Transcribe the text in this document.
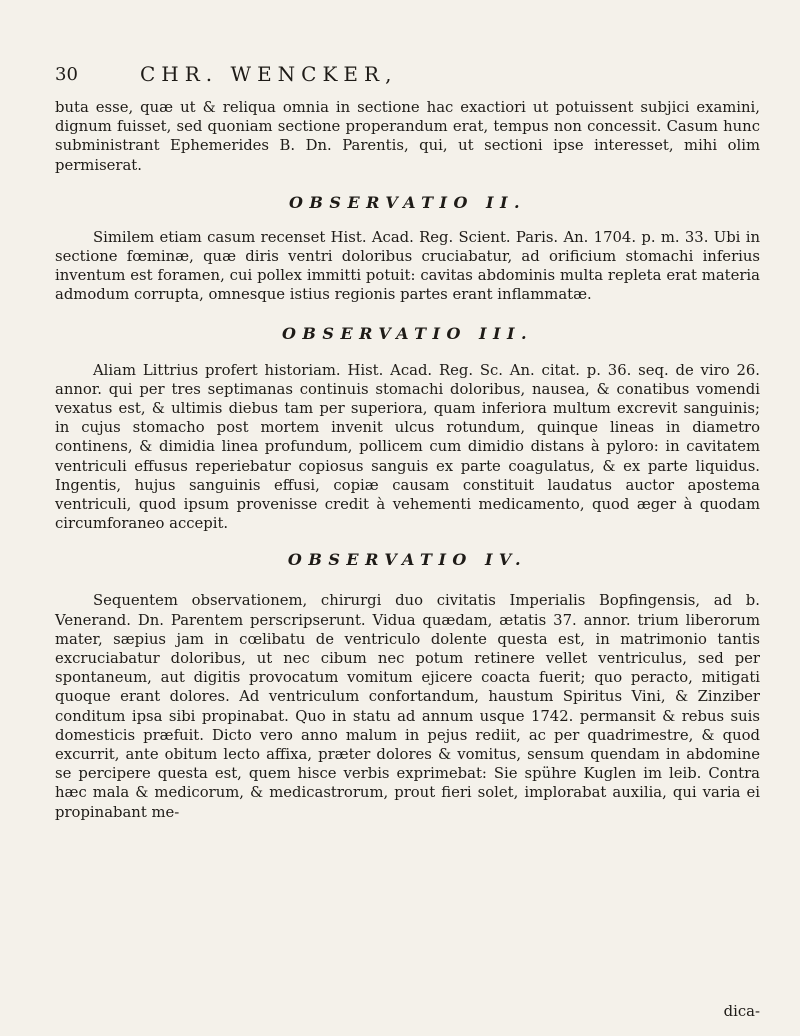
30	CHR. WENCKER,

buta esse, quæ ut & reliqua omnia in sectione hac exactiori ut potuissent subjici examini, dignum fuisset, sed quoniam sectione properandum erat, tempus non concessit. Casum hunc subministrant Ephemerides B. Dn. Parentis, qui, ut sectioni ipse interesset, mihi olim permiserat.

OBSERVATIO II.

Similem etiam casum recenset Hist. Acad. Reg. Scient. Paris. An. 1704. p. m. 33. Ubi in sectione fœminæ, quæ diris ventri doloribus cruciabatur, ad orificium stomachi inferius inventum est foramen, cui pollex immitti potuit: cavitas abdominis multa repleta erat materia admodum corrupta, omnesque istius regionis partes erant inflammatæ.

OBSERVATIO III.

Aliam Littrius profert historiam. Hist. Acad. Reg. Sc. An. citat. p. 36. seq. de viro 26. annor. qui per tres septimanas continuis stomachi doloribus, nausea, & conatibus vomendi vexatus est, & ultimis diebus tam per superiora, quam inferiora multum excrevit sanguinis; in cujus stomacho post mortem invenit ulcus rotundum, quinque lineas in diametro continens, & dimidia linea profundum, pollicem cum dimidio distans à pyloro: in cavitatem ventriculi effusus reperiebatur copiosus sanguis ex parte coagulatus, & ex parte liquidus. Ingentis, hujus sanguinis effusi, copiæ causam constituit laudatus auctor apostema ventriculi, quod ipsum provenisse credit à vehementi medicamento, quod æger à quodam circumforaneo accepit.

OBSERVATIO IV.

Sequentem observationem, chirurgi duo civitatis Imperialis Bopfingensis, ad b. Venerand. Dn. Parentem perscripserunt. Vidua quædam, ætatis 37. annor. trium liberorum mater, sæpius jam in cœlibatu de ventriculo dolente questa est, in matrimonio tantis excruciabatur doloribus, ut nec cibum nec potum retinere vellet ventriculus, sed per spontaneum, aut digitis provocatum vomitum ejicere coacta fuerit; quo peracto, mitigati quoque erant dolores. Ad ventriculum confortandum, haustum Spiritus Vini, & Zinziber conditum ipsa sibi propinabat. Quo in statu ad annum usque 1742. permansit & rebus suis domesticis præfuit. Dicto vero anno malum in pejus rediit, ac per quadrimestre, & quod excurrit, ante obitum lecto affixa, præter dolores & vomitus, sensum quendam in abdomine se percipere questa est, quem hisce verbis exprimebat: Sie spühre Kuglen im leib. Contra hæc mala & medicorum, & medicastrorum, prout fieri solet, implorabat auxilia, qui varia ei propinabant me-

dica-
